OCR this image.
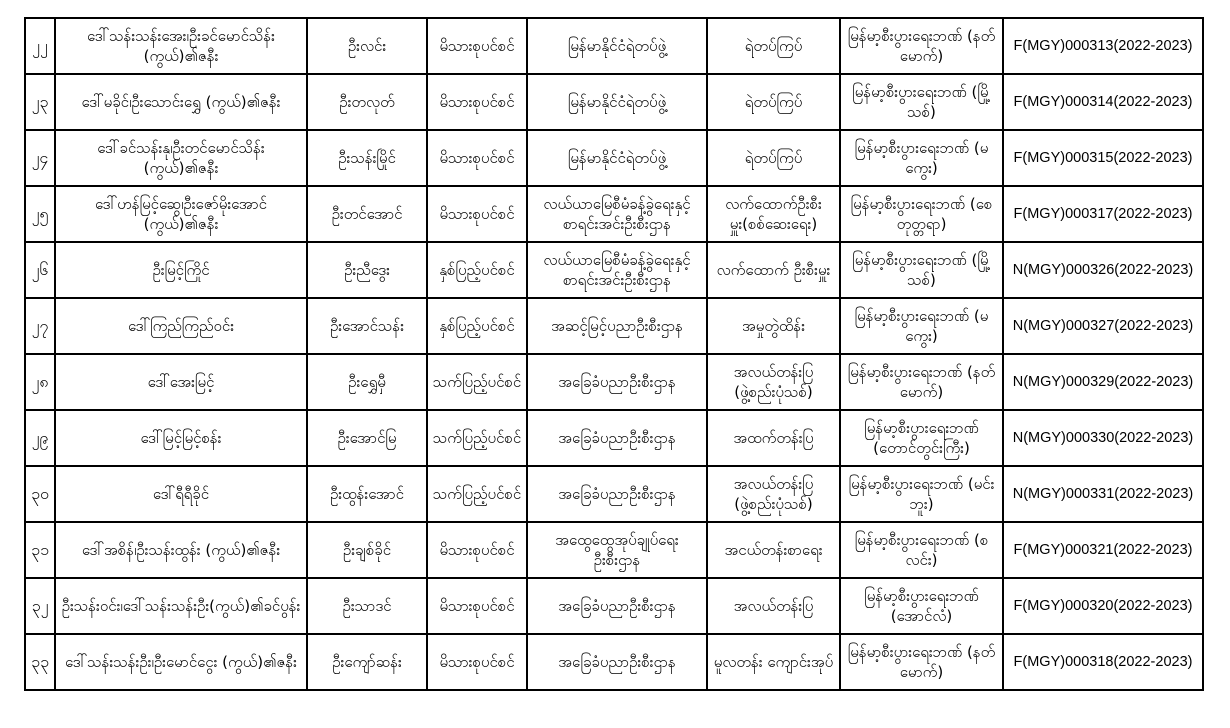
၂၂	ဒေါ်သန်းသန်းအေး၊ဦးခင်မောင်သိန်း (ကွယ်)၏ဇနီး	ဦးလင်း	မိသားစုပင်စင်	မြန်မာနိုင်ငံရဲတပ်ဖွဲ့	ရဲတပ်ကြပ်	မြန်မာ့စီးပွားရေးဘဏ် (နတ်မောက်)	F(MGY)000313(2022-2023)
၂၃	ဒေါ်မခိုင်၊ဦးသောင်းရွှေ (ကွယ်)၏ဇနီး	ဦးတလုတ်	မိသားစုပင်စင်	မြန်မာနိုင်ငံရဲတပ်ဖွဲ့	ရဲတပ်ကြပ်	မြန်မာ့စီးပွားရေးဘဏ် (မြို့သစ်)	F(MGY)000314(2022-2023)
၂၄	ဒေါ်ခင်သန်းနု၊ဦးတင်မောင်သိန်း (ကွယ်)၏ဇနီး	ဦးသန်းမြိုင်	မိသားစုပင်စင်	မြန်မာနိုင်ငံရဲတပ်ဖွဲ့	ရဲတပ်ကြပ်	မြန်မာ့စီးပွားရေးဘဏ် (မကွေး)	F(MGY)000315(2022-2023)
၂၅	ဒေါ်ဟန်မြင့်ဆွေ၊ဦးဇော်မိုးအောင် (ကွယ်)၏ဇနီး	ဦးတင်အောင်	မိသားစုပင်စင်	လယ်ယာမြေစီမံခန့်ခွဲရေးနှင့်စာရင်းအင်းဦးစီးဌာန	လက်ထောက်ဦးစီးမှူး(စစ်ဆေးရေး)	မြန်မာ့စီးပွားရေးဘဏ် (စေတုတ္တရာ)	F(MGY)000317(2022-2023)
၂၆	ဦးမြင့်ကြိုင်	ဦးညီဒွေး	နှစ်ပြည့်ပင်စင်	လယ်ယာမြေစီမံခန့်ခွဲရေးနှင့်စာရင်းအင်းဦးစီးဌာန	လက်ထောက် ဦးစီးမှူး	မြန်မာ့စီးပွားရေးဘဏ် (မြို့သစ်)	N(MGY)000326(2022-2023)
၂၇	ဒေါ်ကြည်ကြည်ဝင်း	ဦးအောင်သန်း	နှစ်ပြည့်ပင်စင်	အဆင့်မြင့်ပညာဦးစီးဌာန	အမှုတွဲထိန်း	မြန်မာ့စီးပွားရေးဘဏ် (မကွေး)	N(MGY)000327(2022-2023)
၂၈	ဒေါ်အေးမြင့်	ဦးရွှေမှီ	သက်ပြည့်ပင်စင်	အခြေခံပညာဦးစီးဌာန	အလယ်တန်းပြ (ဖွဲ့စည်းပုံသစ်)	မြန်မာ့စီးပွားရေးဘဏ် (နတ်မောက်)	N(MGY)000329(2022-2023)
၂၉	ဒေါ်မြင့်မြင့်စန်း	ဦးအောင်မြ	သက်ပြည့်ပင်စင်	အခြေခံပညာဦးစီးဌာန	အထက်တန်းပြ	မြန်မာ့စီးပွားရေးဘဏ် (တောင်တွင်းကြီး)	N(MGY)000330(2022-2023)
၃၀	ဒေါ်ရီရီခိုင်	ဦးထွန်းအောင်	သက်ပြည့်ပင်စင်	အခြေခံပညာဦးစီးဌာန	အလယ်တန်းပြ (ဖွဲ့စည်းပုံသစ်)	မြန်မာ့စီးပွားရေးဘဏ် (မင်းဘူး)	N(MGY)000331(2022-2023)
၃၁	ဒေါ်အစိန်၊ဦးသန်းထွန်း (ကွယ်)၏ဇနီး	ဦးချစ်ခိုင်	မိသားစုပင်စင်	အထွေထွေအုပ်ချုပ်ရေး ဦးစီးဌာန	အငယ်တန်းစာရေး	မြန်မာ့စီးပွားရေးဘဏ် (စလင်း)	F(MGY)000321(2022-2023)
၃၂	ဦးသန်းဝင်း၊ဒေါ်သန်းသန်းဦး(ကွယ်)၏ခင်ပွန်း	ဦးသာဒင်	မိသားစုပင်စင်	အခြေခံပညာဦးစီးဌာန	အလယ်တန်းပြ	မြန်မာ့စီးပွားရေးဘဏ် (အောင်လံ)	F(MGY)000320(2022-2023)
၃၃	ဒေါ်သန်းသန်းဦး၊ဦးမောင်ငွေး (ကွယ်)၏ဇနီး	ဦးကျော်ဆန်း	မိသားစုပင်စင်	အခြေခံပညာဦးစီးဌာန	မူလတန်း ကျောင်းအုပ်	မြန်မာ့စီးပွားရေးဘဏ် (နတ်မောက်)	F(MGY)000318(2022-2023)
